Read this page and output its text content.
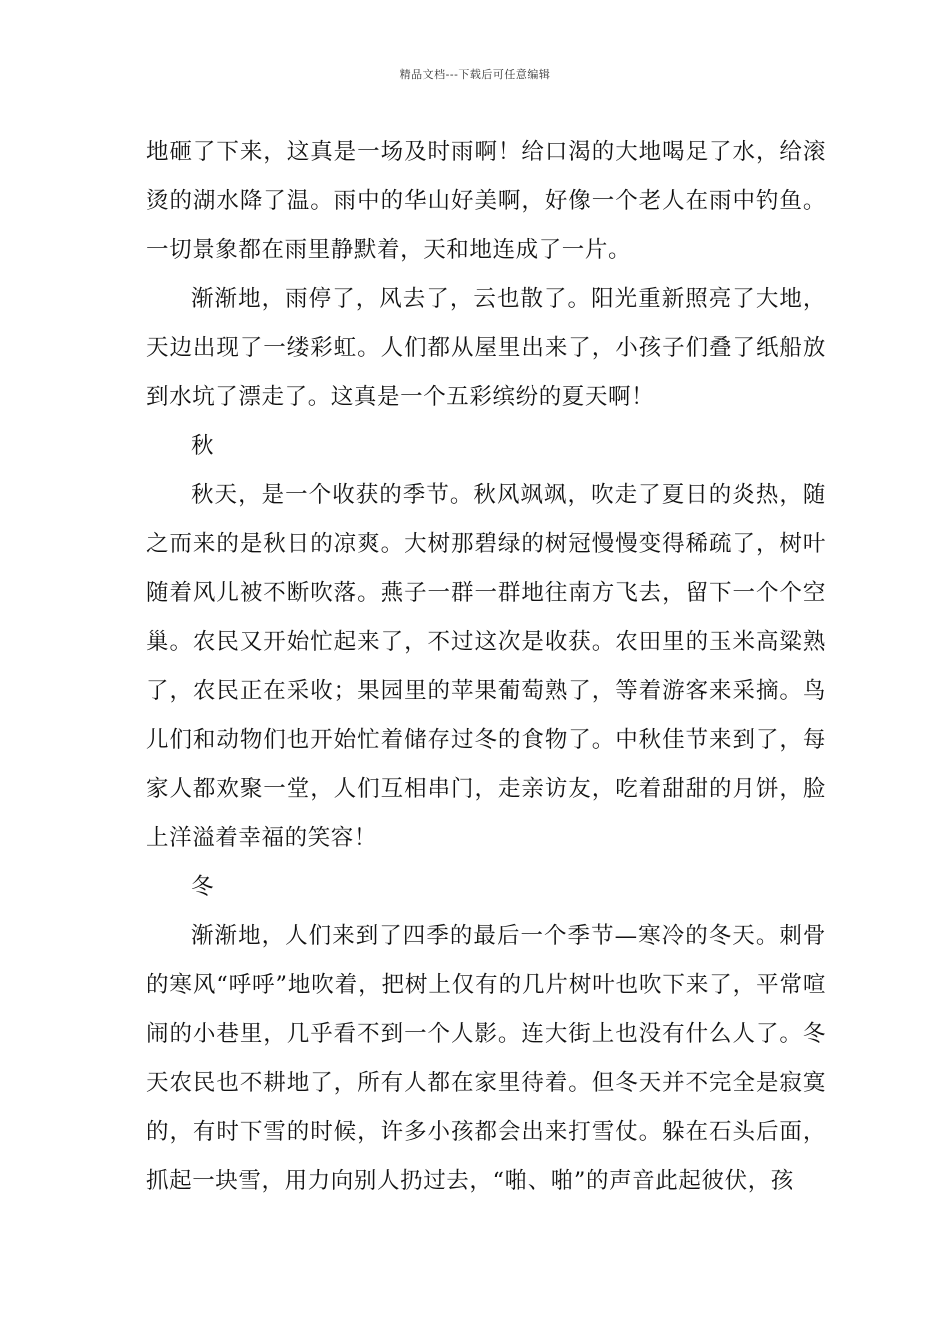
精品文档---下载后可任意编辑

地砸了下来，这真是一场及时雨啊！给口渴的大地喝足了水，给滚烫的湖水降了温。雨中的华山好美啊，好像一个老人在雨中钓鱼。一切景象都在雨里静默着，天和地连成了一片。

渐渐地，雨停了，风去了，云也散了。阳光重新照亮了大地，天边出现了一缕彩虹。人们都从屋里出来了，小孩子们叠了纸船放到水坑了漂走了。这真是一个五彩缤纷的夏天啊！

秋

秋天，是一个收获的季节。秋风飒飒，吹走了夏日的炎热，随之而来的是秋日的凉爽。大树那碧绿的树冠慢慢变得稀疏了，树叶随着风儿被不断吹落。燕子一群一群地往南方飞去，留下一个个空巢。农民又开始忙起来了，不过这次是收获。农田里的玉米高粱熟了，农民正在采收；果园里的苹果葡萄熟了，等着游客来采摘。鸟儿们和动物们也开始忙着储存过冬的食物了。中秋佳节来到了，每家人都欢聚一堂，人们互相串门，走亲访友，吃着甜甜的月饼，脸上洋溢着幸福的笑容！

冬

渐渐地，人们来到了四季的最后一个季节—寒冷的冬天。刺骨的寒风“呼呼”地吹着，把树上仅有的几片树叶也吹下来了，平常喧闹的小巷里，几乎看不到一个人影。连大街上也没有什么人了。冬天农民也不耕地了，所有人都在家里待着。但冬天并不完全是寂寞的，有时下雪的时候，许多小孩都会出来打雪仗。躲在石头后面，抓起一块雪，用力向别人扔过去，“啪、啪”的声音此起彼伏，孩
